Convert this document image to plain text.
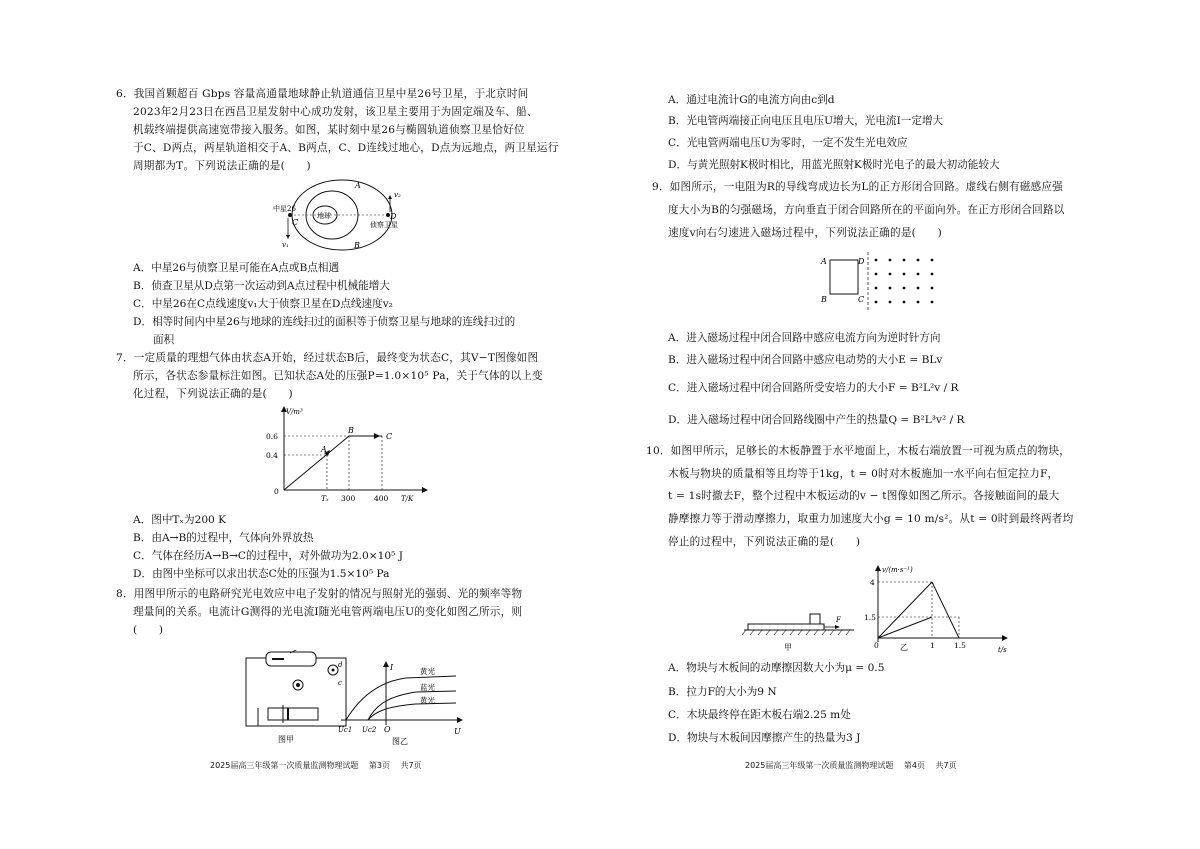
6．我国首颗超百 Gbps 容量高通量地球静止轨道通信卫星中星26号卫星，于北京时间
2023年2月23日在西昌卫星发射中心成功发射，该卫星主要用于为固定端及车、船、
机载终端提供高速宽带接入服务。如图，某时刻中星26与椭圆轨道侦察卫星恰好位
于C、D两点，两星轨道相交于A、B两点，C、D连线过地心，D点为远地点，两卫星运行
周期都为T。下列说法正确的是(　　)
地球
中星26
侦察卫星
A
B
C
D
v₁
v₂
A．中星26与侦察卫星可能在A点或B点相遇
B．侦查卫星从D点第一次运动到A点过程中机械能增大
C．中星26在C点线速度v₁大于侦察卫星在D点线速度v₂
D．相等时间内中星26与地球的连线扫过的面积等于侦察卫星与地球的连线扫过的
面积
7．一定质量的理想气体由状态A开始，经过状态B后，最终变为状态C，其V−T图像如图
所示，各状态参量标注如图。已知状态A处的压强P=1.0×10⁵ Pa，关于气体的以上变
化过程，下列说法正确的是(　　)
V/m³
T/K
0.6
0.4
0
Tₓ 300 400
A
B
C
A．图中Tₓ为200 K
B．由A→B的过程中，气体向外界放热
C．气体在经历A→B→C的过程中，对外做功为2.0×10⁵ J
D．由图中坐标可以求出状态C处的压强为1.5×10⁵ Pa
8．用图甲所示的电路研究光电效应中电子发射的情况与照射光的强弱、光的频率等物
理量间的关系。电流计G测得的光电流I随光电管两端电压U的变化如图乙所示，则
(　　)
d
c
图甲
I
U
O
Uc1 Uc2
黄光
蓝光
黄光
图乙
2025届高三年级第一次质量监测物理试题　 第3页　 共7页
A．通过电流计G的电流方向由c到d
B．光电管两端接正向电压且电压U增大，光电流I一定增大
C．光电管两端电压U为零时，一定不发生光电效应
D．与黄光照射K极时相比，用蓝光照射K极时光电子的最大初动能较大
9．如图所示，一电阻为R的导线弯成边长为L的正方形闭合回路。虚线右侧有磁感应强
度大小为B的匀强磁场，方向垂直于闭合回路所在的平面向外。在正方形闭合回路以
速度v向右匀速进入磁场过程中，下列说法正确的是(　　)
A
B	C
D
A．进入磁场过程中闭合回路中感应电流方向为逆时针方向
B．进入磁场过程中闭合回路中感应电动势的大小E = BLv
C．进入磁场过程中闭合回路所受安培力的大小F = B²L²v / R
D．进入磁场过程中闭合回路线圈中产生的热量Q = B²L³v² / R
10．如图甲所示，足够长的木板静置于水平地面上，木板右端放置一可视为质点的物块，
木板与物块的质量相等且均等于1kg，t = 0时对木板施加一水平向右恒定拉力F，
t = 1s时撤去F，整个过程中木板运动的v − t图像如图乙所示。各接触面间的最大
静摩擦力等于滑动摩擦力，取重力加速度大小g = 10 m/s²。从t = 0时到最终两者均
停止的过程中，下列说法正确的是(　　)
F
甲
v/(m·s⁻¹)
t/s
4
1.5
0	1	1.5
乙
A．物块与木板间的动摩擦因数大小为μ = 0.5
B．拉力F的大小为9 N
C．木块最终停在距木板右端2.25 m处
D．物块与木板间因摩擦产生的热量为3 J
2025届高三年级第一次质量监测物理试题　 第4页　 共7页
